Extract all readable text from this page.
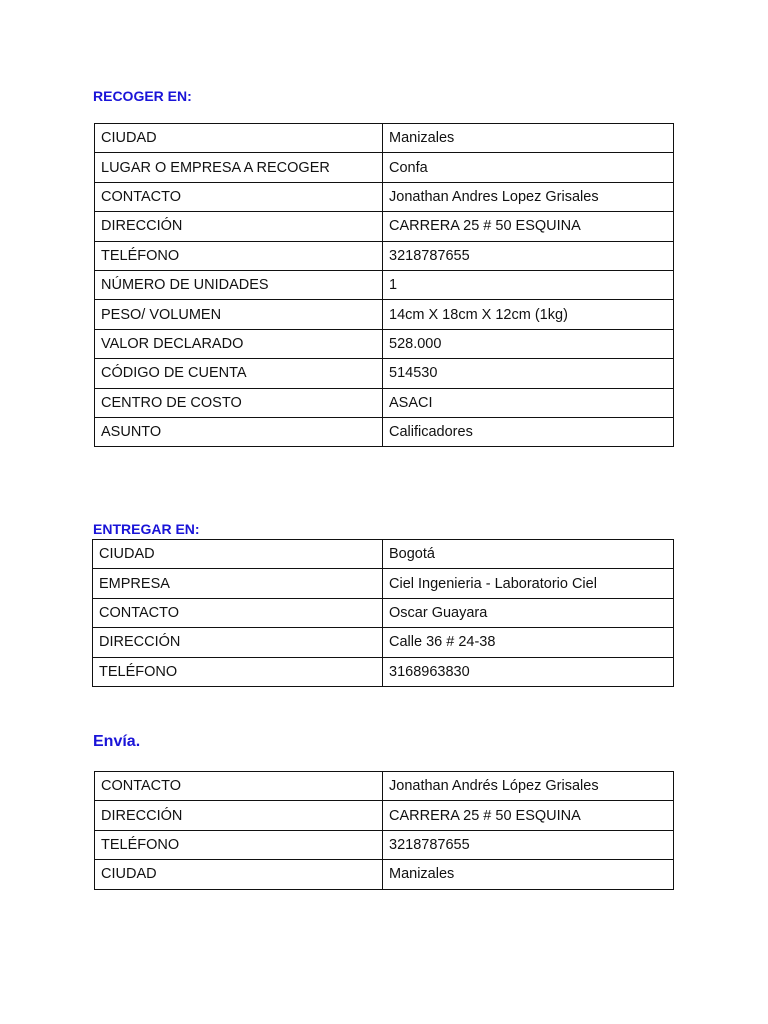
RECOGER EN:
CIUDAD	Manizales
LUGAR O EMPRESA A RECOGER	Confa
CONTACTO	Jonathan Andres Lopez Grisales
DIRECCIÓN	CARRERA 25 # 50 ESQUINA
TELÉFONO	3218787655
NÚMERO DE UNIDADES	1
PESO/ VOLUMEN	14cm X 18cm X 12cm (1kg)
VALOR DECLARADO	528.000
CÓDIGO DE CUENTA	514530
CENTRO DE COSTO	ASACI
ASUNTO	Calificadores
ENTREGAR EN:
CIUDAD	Bogotá
EMPRESA	Ciel Ingenieria - Laboratorio Ciel
CONTACTO	Oscar Guayara
DIRECCIÓN	Calle 36 # 24-38
TELÉFONO	3168963830
Envía.
CONTACTO	Jonathan Andrés López Grisales
DIRECCIÓN	CARRERA 25 # 50 ESQUINA
TELÉFONO	3218787655
CIUDAD	Manizales
